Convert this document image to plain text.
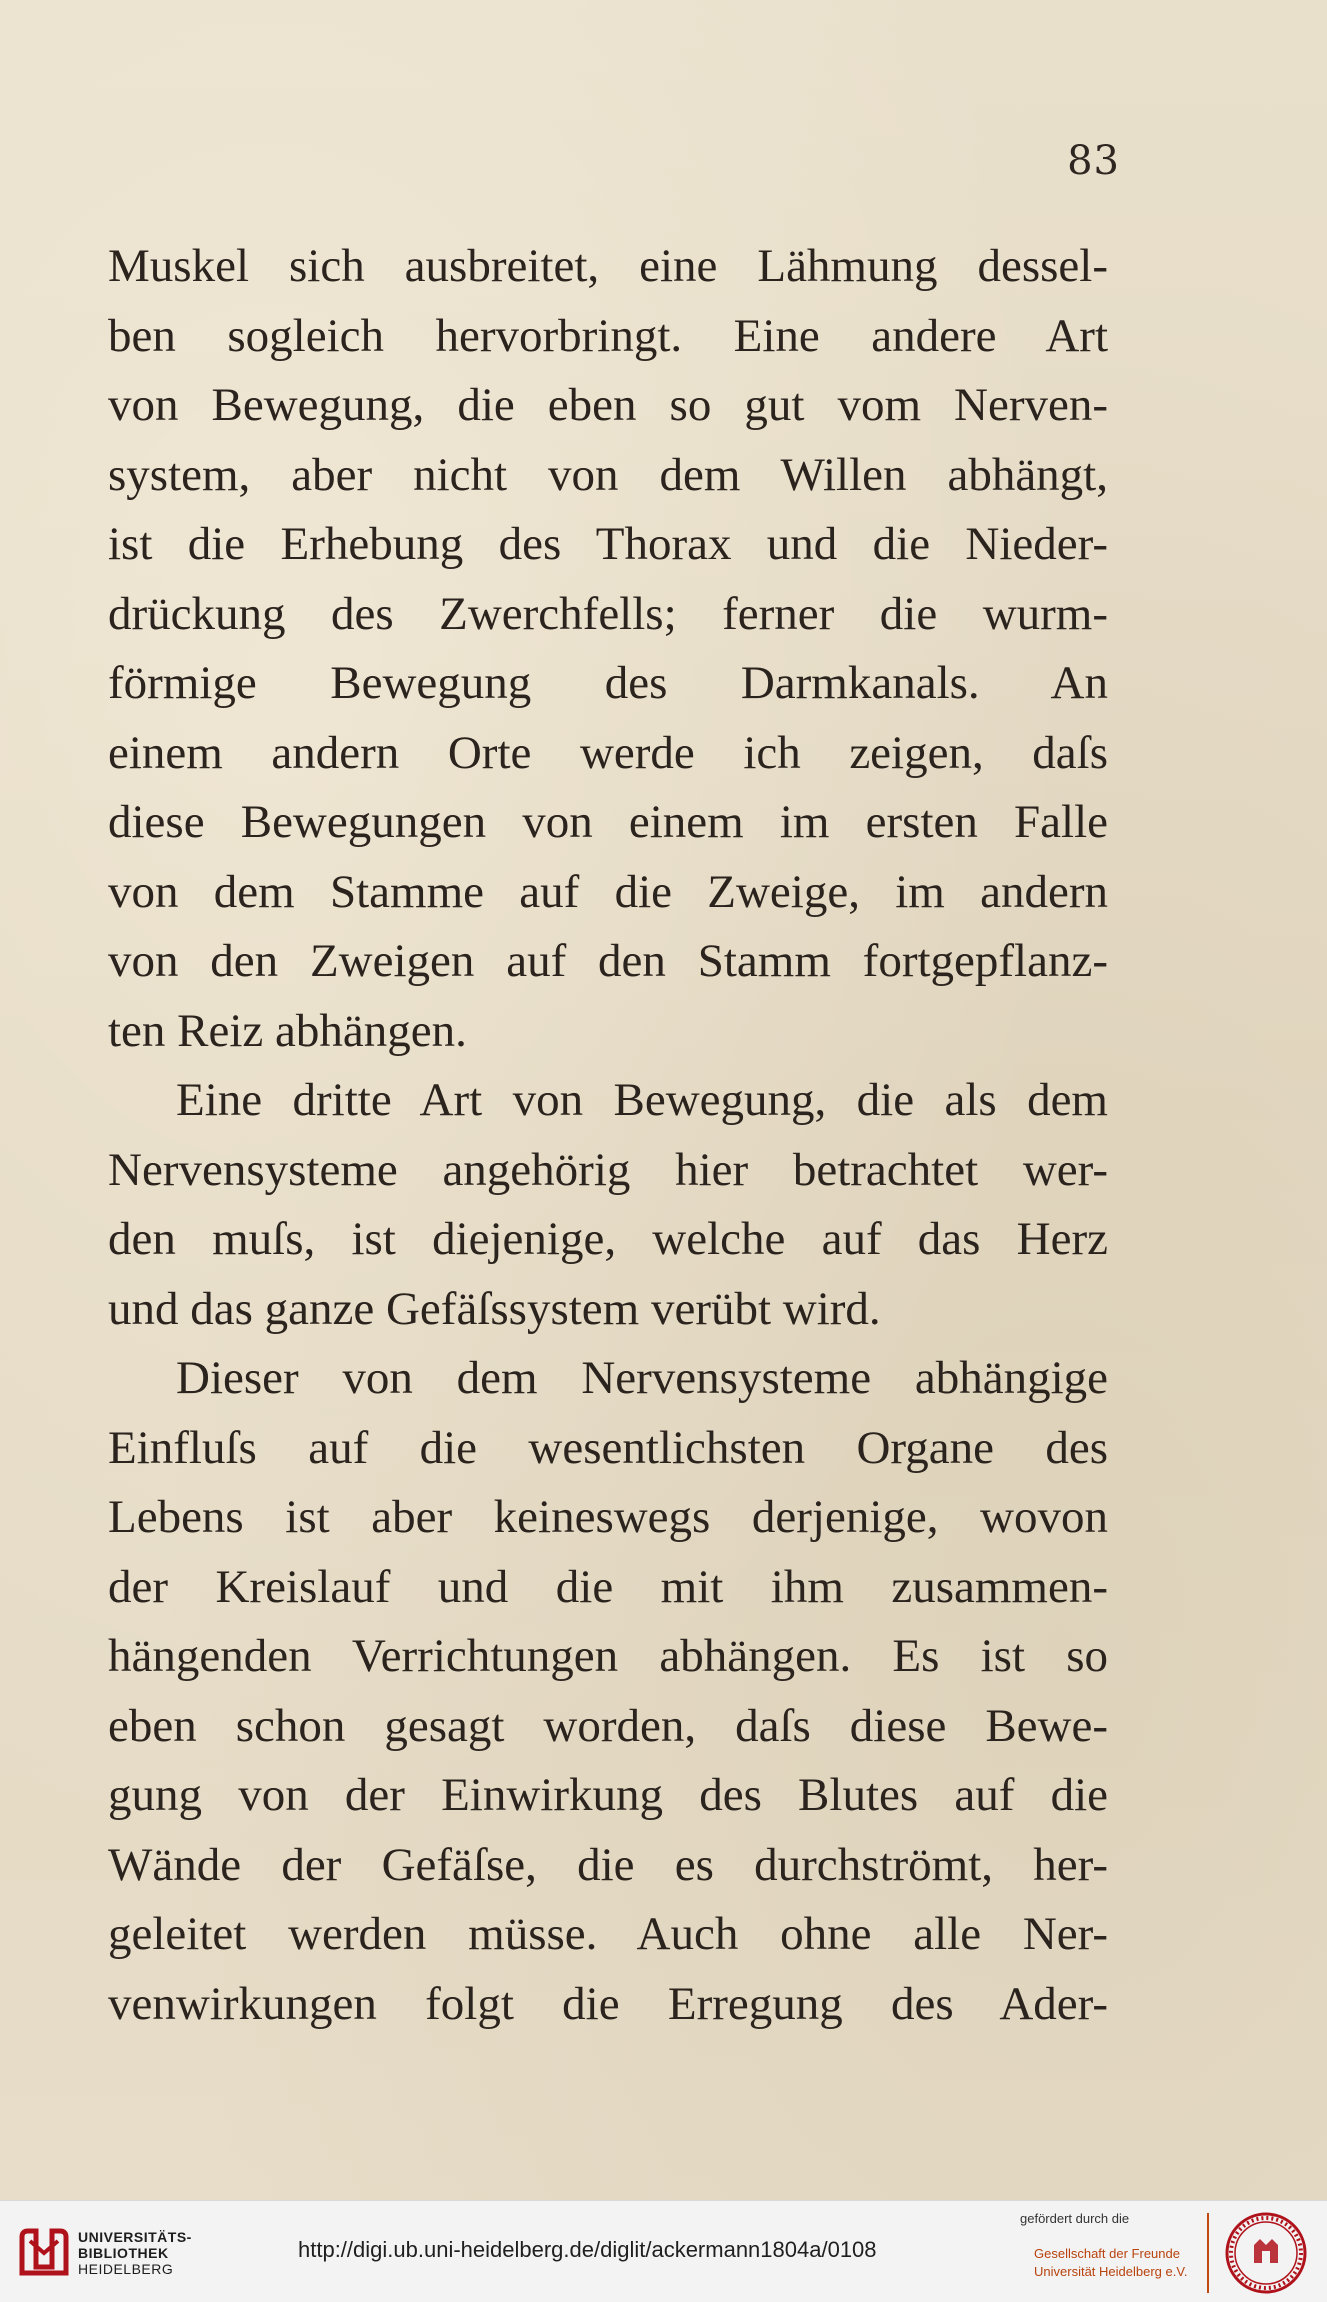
83
Muskel sich ausbreitet, eine Lähmung dessel-
ben sogleich hervorbringt. Eine andere Art
von Bewegung, die eben so gut vom Nerven-
system, aber nicht von dem Willen abhängt,
ist die Erhebung des Thorax und die Nieder-
drückung des Zwerchfells; ferner die wurm-
förmige Bewegung des Darmkanals. An
einem andern Orte werde ich zeigen, daſs
diese Bewegungen von einem im ersten Falle
von dem Stamme auf die Zweige, im andern
von den Zweigen auf den Stamm fortgepflanz-
ten Reiz abhängen.
Eine dritte Art von Bewegung, die als dem
Nervensysteme angehörig hier betrachtet wer-
den muſs, ist diejenige, welche auf das Herz
und das ganze Gefäſssystem verübt wird.
Dieser von dem Nervensysteme abhängige
Einfluſs auf die wesentlichsten Organe des
Lebens ist aber keineswegs derjenige, wovon
der Kreislauf und die mit ihm zusammen-
hängenden Verrichtungen abhängen. Es ist so
eben schon gesagt worden, daſs diese Bewe-
gung von der Einwirkung des Blutes auf die
Wände der Gefäſse, die es durchströmt, her-
geleitet werden müsse. Auch ohne alle Ner-
venwirkungen folgt die Erregung des Ader-
UNIVERSITÄTS-
BIBLIOTHEK
HEIDELBERG
http://digi.ub.uni-heidelberg.de/diglit/ackermann1804a/0108
gefördert durch die
Gesellschaft der Freunde
Universität Heidelberg e.V.
